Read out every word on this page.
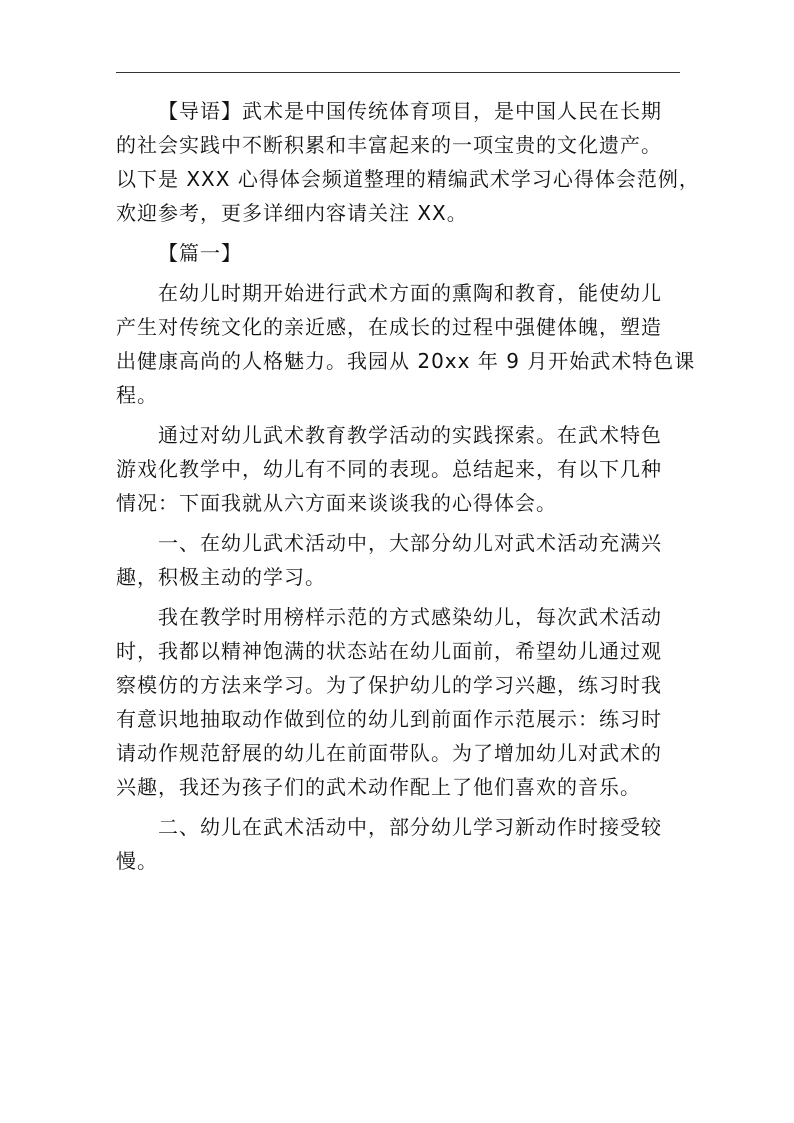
【导语】武术是中国传统体育项目，是中国人民在长期
的社会实践中不断积累和丰富起来的一项宝贵的文化遗产。
以下是 XXX 心得体会频道整理的精编武术学习心得体会范例，
欢迎参考，更多详细内容请关注 XX。
【篇一】
在幼儿时期开始进行武术方面的熏陶和教育，能使幼儿
产生对传统文化的亲近感，在成长的过程中强健体魄，塑造
出健康高尚的人格魅力。我园从 20xx 年 9 月开始武术特色课
程。
通过对幼儿武术教育教学活动的实践探索。在武术特色
游戏化教学中，幼儿有不同的表现。总结起来，有以下几种
情况：下面我就从六方面来谈谈我的心得体会。
一、在幼儿武术活动中，大部分幼儿对武术活动充满兴
趣，积极主动的学习。
我在教学时用榜样示范的方式感染幼儿，每次武术活动
时，我都以精神饱满的状态站在幼儿面前，希望幼儿通过观
察模仿的方法来学习。为了保护幼儿的学习兴趣，练习时我
有意识地抽取动作做到位的幼儿到前面作示范展示：练习时
请动作规范舒展的幼儿在前面带队。为了增加幼儿对武术的
兴趣，我还为孩子们的武术动作配上了他们喜欢的音乐。
二、幼儿在武术活动中，部分幼儿学习新动作时接受较
慢。
